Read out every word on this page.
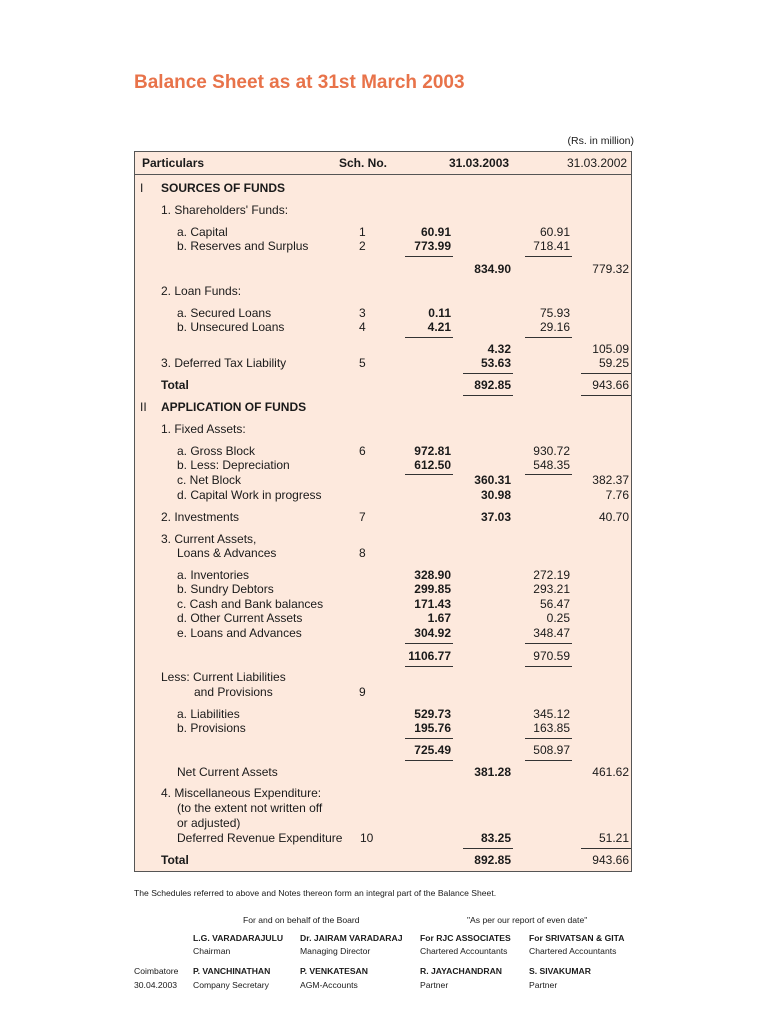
Balance Sheet as at 31st March 2003
(Rs. in million)
Particulars	Sch. No.	31.03.2003	31.03.2002
I SOURCES OF FUNDS
1. Shareholders' Funds:
a. Capital	1	60.91	60.91
b. Reserves and Surplus	2	773.99	718.41
834.90	779.32
2. Loan Funds:
a. Secured Loans	3	0.11	75.93
b. Unsecured Loans	4	4.21	29.16
4.32	105.09
3. Deferred Tax Liability	5	53.63	59.25
Total	892.85	943.66
II APPLICATION OF FUNDS
1. Fixed Assets:
a. Gross Block	6	972.81	930.72
b. Less: Depreciation	612.50	548.35
c. Net Block	360.31	382.37
d. Capital Work in progress	30.98	7.76
2. Investments	7	37.03	40.70
3. Current Assets,
Loans & Advances	8
a. Inventories	328.90	272.19
b. Sundry Debtors	299.85	293.21
c. Cash and Bank balances	171.43	56.47
d. Other Current Assets	1.67	0.25
e. Loans and Advances	304.92	348.47
1106.77	970.59
Less: Current Liabilities
and Provisions	9
a. Liabilities	529.73	345.12
b. Provisions	195.76	163.85
725.49	508.97
Net Current Assets	381.28	461.62
4. Miscellaneous Expenditure:
(to the extent not written off
or adjusted)
Deferred Revenue Expenditure 10	83.25	51.21
Total	892.85	943.66
The Schedules referred to above and Notes thereon form an integral part of the Balance Sheet.
For and on behalf of the Board	"As per our report of even date"
L.G. VARADARAJULU
Chairman
Dr. JAIRAM VARADARAJ
Managing Director
For RJC ASSOCIATES
Chartered Accountants
For SRIVATSAN & GITA
Chartered Accountants
Coimbatore
30.04.2003
P. VANCHINATHAN
Company Secretary
P. VENKATESAN
AGM-Accounts
R. JAYACHANDRAN
Partner
S. SIVAKUMAR
Partner
